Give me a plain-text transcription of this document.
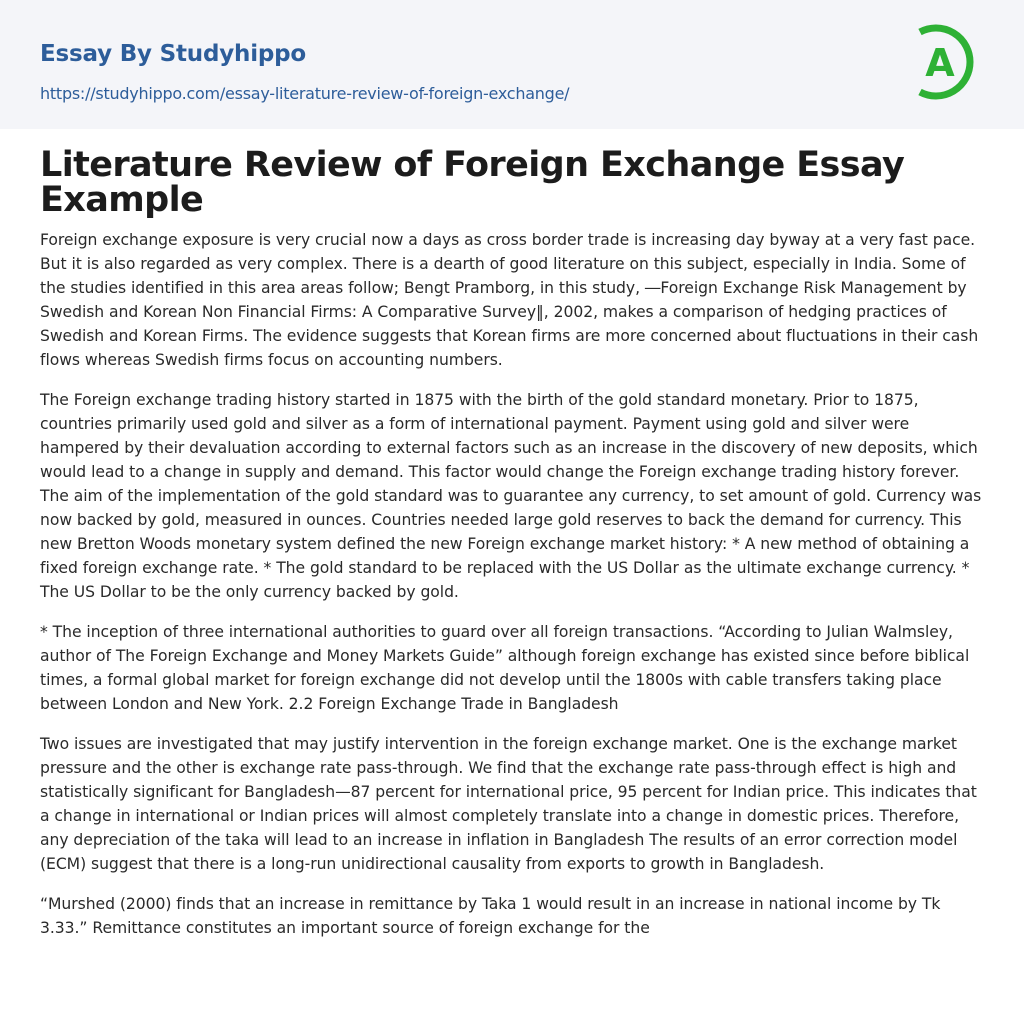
Essay By Studyhippo
https://studyhippo.com/essay-literature-review-of-foreign-exchange/
A
Literature Review of Foreign Exchange Essay Example

Foreign exchange exposure is very crucial now a days as cross border trade is increasing day byway at a very fast pace. But it is also regarded as very complex. There is a dearth of good literature on this subject, especially in India. Some of the studies identified in this area areas follow; Bengt Pramborg, in this study, ―Foreign Exchange Risk Management by Swedish and Korean Non Financial Firms: A Comparative Survey‖, 2002, makes a comparison of hedging practices of Swedish and Korean Firms. The evidence suggests that Korean firms are more concerned about fluctuations in their cash flows whereas Swedish firms focus on accounting numbers.

The Foreign exchange trading history started in 1875 with the birth of the gold standard monetary. Prior to 1875, countries primarily used gold and silver as a form of international payment. Payment using gold and silver were hampered by their devaluation according to external factors such as an increase in the discovery of new deposits, which would lead to a change in supply and demand. This factor would change the Foreign exchange trading history forever. The aim of the implementation of the gold standard was to guarantee any currency, to set amount of gold. Currency was now backed by gold, measured in ounces. Countries needed large gold reserves to back the demand for currency. This new Bretton Woods monetary system defined the new Foreign exchange market history: * A new method of obtaining a fixed foreign exchange rate. * The gold standard to be replaced with the US Dollar as the ultimate exchange currency. * The US Dollar to be the only currency backed by gold.

* The inception of three international authorities to guard over all foreign transactions. “According to Julian Walmsley, author of The Foreign Exchange and Money Markets Guide” although foreign exchange has existed since before biblical times, a formal global market for foreign exchange did not develop until the 1800s with cable transfers taking place between London and New York. 2.2 Foreign Exchange Trade in Bangladesh

Two issues are investigated that may justify intervention in the foreign exchange market. One is the exchange market pressure and the other is exchange rate pass-through. We find that the exchange rate pass-through effect is high and statistically significant for Bangladesh—87 percent for international price, 95 percent for Indian price. This indicates that a change in international or Indian prices will almost completely translate into a change in domestic prices. Therefore, any depreciation of the taka will lead to an increase in inflation in Bangladesh The results of an error correction model (ECM) suggest that there is a long-run unidirectional causality from exports to growth in Bangladesh.

“Murshed (2000) finds that an increase in remittance by Taka 1 would result in an increase in national income by Tk 3.33.” Remittance constitutes an important source of foreign exchange for the
